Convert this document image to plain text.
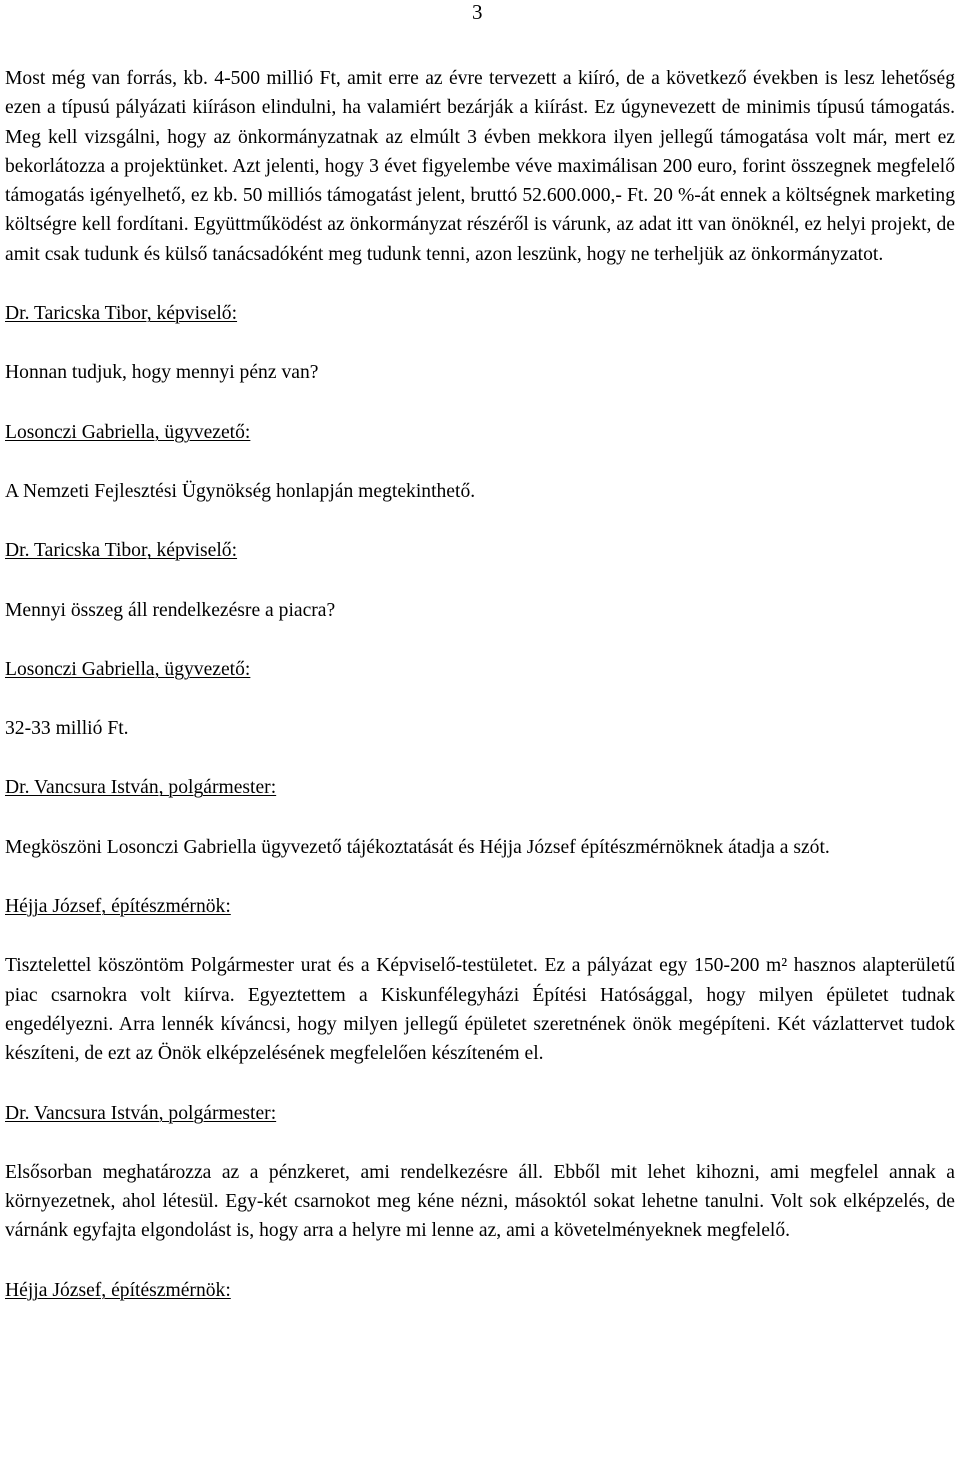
3

Most még van forrás, kb. 4-500 millió Ft, amit erre az évre tervezett a kiíró, de a következő években is lesz lehetőség ezen a típusú pályázati kiíráson elindulni, ha valamiért bezárják a kiírást. Ez úgynevezett de minimis típusú támogatás. Meg kell vizsgálni, hogy az önkormányzatnak az elmúlt 3 évben mekkora ilyen jellegű támogatása volt már, mert ez bekorlátozza a projektünket. Azt jelenti, hogy 3 évet figyelembe véve maximálisan 200 euro, forint összegnek megfelelő támogatás igényelhető, ez kb. 50 milliós támogatást jelent, bruttó 52.600.000,- Ft. 20 %-át ennek a költségnek marketing költségre kell fordítani. Együttműködést az önkormányzat részéről is várunk, az adat itt van önöknél, ez helyi projekt, de amit csak tudunk és külső tanácsadóként meg tudunk tenni, azon leszünk, hogy ne terheljük az önkormányzatot.

Dr. Taricska Tibor, képviselő:

Honnan tudjuk, hogy mennyi pénz van?

Losonczi Gabriella, ügyvezető:

A Nemzeti Fejlesztési Ügynökség honlapján megtekinthető.

Dr. Taricska Tibor, képviselő:

Mennyi összeg áll rendelkezésre a piacra?

Losonczi Gabriella, ügyvezető:

32-33 millió Ft.

Dr. Vancsura István, polgármester:

Megköszöni Losonczi Gabriella ügyvezető tájékoztatását és Héjja József építészmérnöknek átadja a szót.

Héjja József, építészmérnök:

Tisztelettel köszöntöm Polgármester urat és a Képviselő-testületet. Ez a pályázat egy 150-200 m² hasznos alapterületű piac csarnokra volt kiírva. Egyeztettem a Kiskunfélegyházi Építési Hatósággal, hogy milyen épületet tudnak engedélyezni. Arra lennék kíváncsi, hogy milyen jellegű épületet szeretnének önök megépíteni. Két vázlattervet tudok készíteni, de ezt az Önök elképzelésének megfelelően készíteném el.

Dr. Vancsura István, polgármester:

Elsősorban meghatározza az a pénzkeret, ami rendelkezésre áll. Ebből mit lehet kihozni, ami megfelel annak a környezetnek, ahol létesül. Egy-két csarnokot meg kéne nézni, másoktól sokat lehetne tanulni. Volt sok elképzelés, de várnánk egyfajta elgondolást is, hogy arra a helyre mi lenne az, ami a követelményeknek megfelelő.

Héjja József, építészmérnök:
